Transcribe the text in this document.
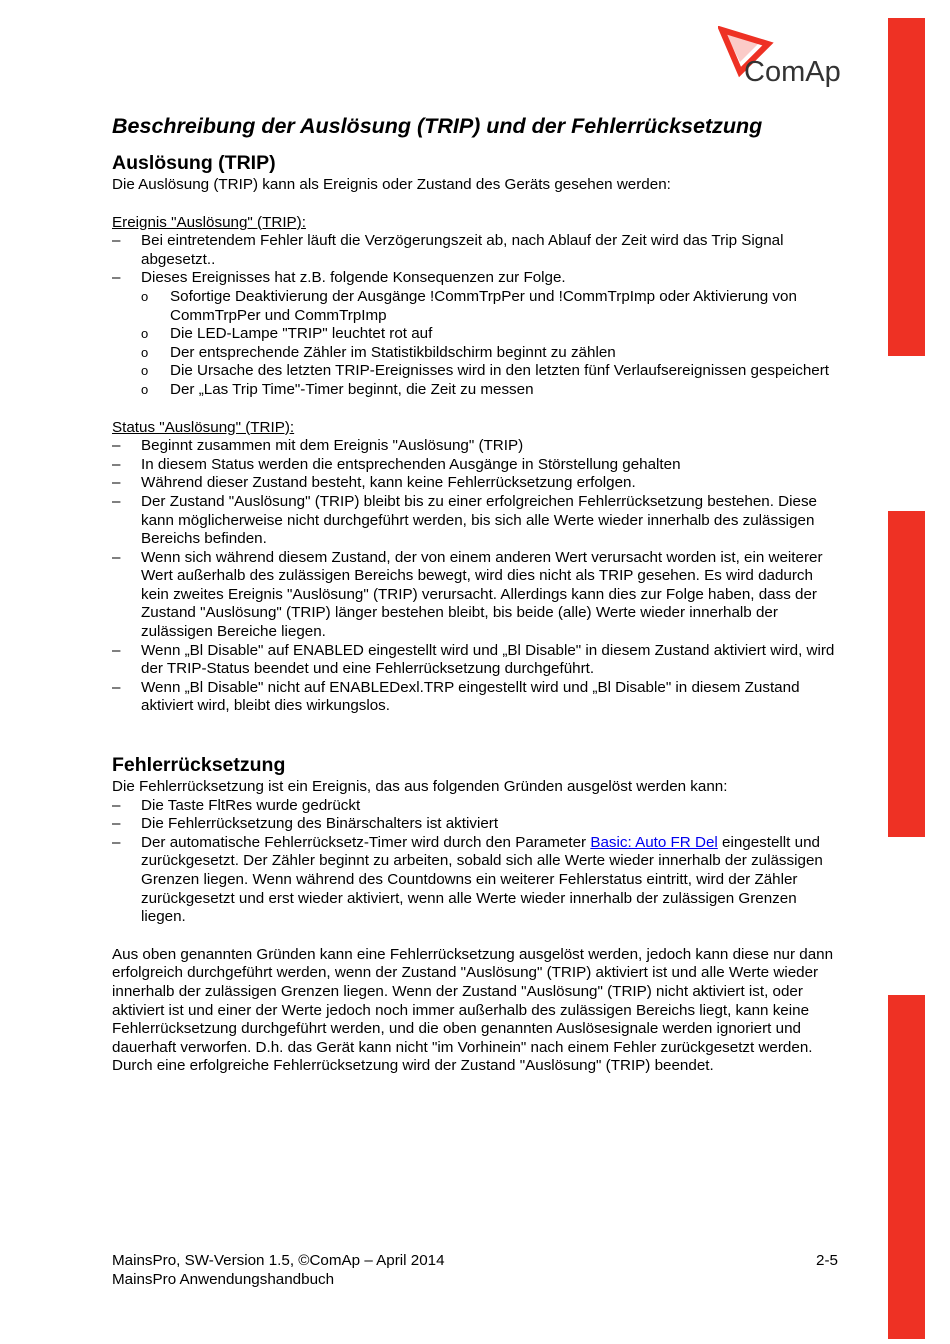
ComAp
Beschreibung der Auslösung (TRIP) und der Fehlerrücksetzung
Auslösung (TRIP)

Die Auslösung (TRIP) kann als Ereignis oder Zustand des Geräts gesehen werden:

Ereignis "Auslösung" (TRIP):

– Bei eintretendem Fehler läuft die Verzögerungszeit ab, nach Ablauf der Zeit wird das Trip Signal abgesetzt..
– Dieses Ereignisses hat z.B. folgende Konsequenzen zur Folge.
o Sofortige Deaktivierung der Ausgänge !CommTrpPer und !CommTrpImp oder Aktivierung von CommTrpPer und CommTrpImp
o Die LED-Lampe "TRIP" leuchtet rot auf
o Der entsprechende Zähler im Statistikbildschirm beginnt zu zählen
o Die Ursache des letzten TRIP-Ereignisses wird in den letzten fünf Verlaufsereignissen gespeichert
o Der „Las Trip Time"-Timer beginnt, die Zeit zu messen

Status "Auslösung" (TRIP):

– Beginnt zusammen mit dem Ereignis "Auslösung" (TRIP)
– In diesem Status werden die entsprechenden Ausgänge in Störstellung gehalten
– Während dieser Zustand besteht, kann keine Fehlerrücksetzung erfolgen.
– Der Zustand "Auslösung" (TRIP) bleibt bis zu einer erfolgreichen Fehlerrücksetzung bestehen. Diese kann möglicherweise nicht durchgeführt werden, bis sich alle Werte wieder innerhalb des zulässigen Bereichs befinden.
– Wenn sich während diesem Zustand, der von einem anderen Wert verursacht worden ist, ein weiterer Wert außerhalb des zulässigen Bereichs bewegt, wird dies nicht als TRIP gesehen. Es wird dadurch kein zweites Ereignis "Auslösung" (TRIP) verursacht. Allerdings kann dies zur Folge haben, dass der Zustand "Auslösung" (TRIP) länger bestehen bleibt, bis beide (alle) Werte wieder innerhalb der zulässigen Bereiche liegen.
– Wenn „Bl Disable" auf ENABLED eingestellt wird und „Bl Disable" in diesem Zustand aktiviert wird, wird der TRIP-Status beendet und eine Fehlerrücksetzung durchgeführt.
– Wenn „Bl Disable" nicht auf ENABLEDexl.TRP eingestellt wird und „Bl Disable" in diesem Zustand aktiviert wird, bleibt dies wirkungslos.
Fehlerrücksetzung

Die Fehlerrücksetzung ist ein Ereignis, das aus folgenden Gründen ausgelöst werden kann:

– Die Taste FltRes wurde gedrückt
– Die Fehlerrücksetzung des Binärschalters ist aktiviert
– Der automatische Fehlerrücksetz-Timer wird durch den Parameter Basic: Auto FR Del eingestellt und zurückgesetzt. Der Zähler beginnt zu arbeiten, sobald sich alle Werte wieder innerhalb der zulässigen Grenzen liegen. Wenn während des Countdowns ein weiterer Fehlerstatus eintritt, wird der Zähler zurückgesetzt und erst wieder aktiviert, wenn alle Werte wieder innerhalb der zulässigen Grenzen liegen.

Aus oben genannten Gründen kann eine Fehlerrücksetzung ausgelöst werden, jedoch kann diese nur dann erfolgreich durchgeführt werden, wenn der Zustand "Auslösung" (TRIP) aktiviert ist und alle Werte wieder innerhalb der zulässigen Grenzen liegen. Wenn der Zustand "Auslösung" (TRIP) nicht aktiviert ist, oder aktiviert ist und einer der Werte jedoch noch immer außerhalb des zulässigen Bereichs liegt, kann keine Fehlerrücksetzung durchgeführt werden, und die oben genannten Auslösesignale werden ignoriert und dauerhaft verworfen. D.h. das Gerät kann nicht "im Vorhinein" nach einem Fehler zurückgesetzt werden.

Durch eine erfolgreiche Fehlerrücksetzung wird der Zustand "Auslösung" (TRIP) beendet.

MainsPro, SW-Version 1.5, ©ComAp – April 2014
MainsPro Anwendungshandbuch
2-5
